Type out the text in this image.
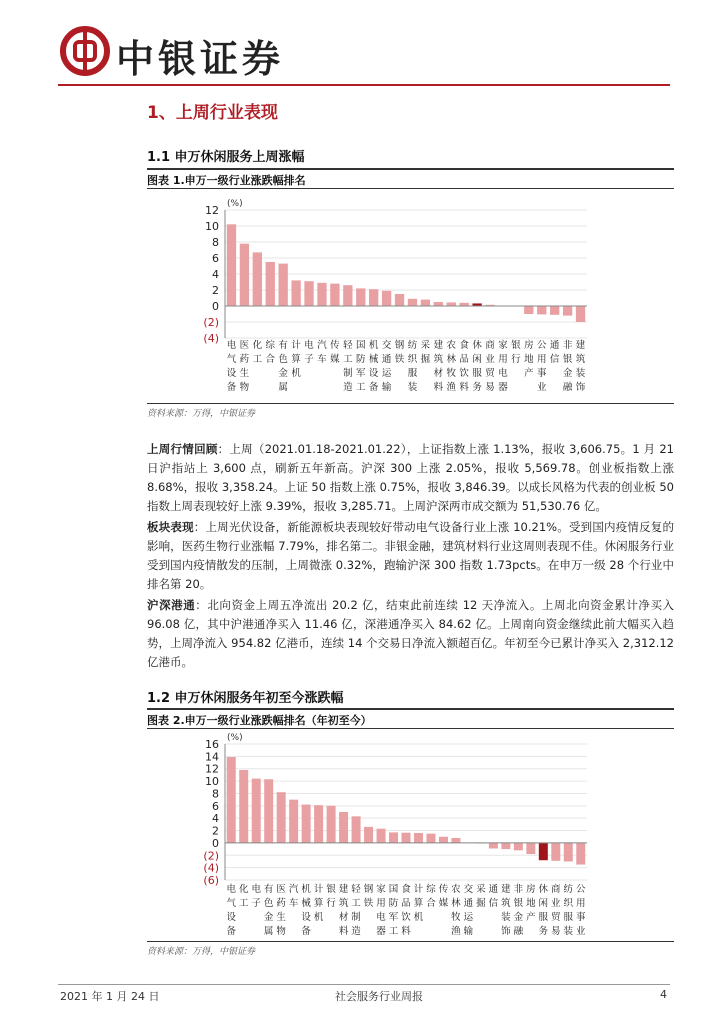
中银证券
1、上周行业表现
1.1 申万休闲服务上周涨幅
图表 1.申万一级行业涨跌幅排名
(%)
12
10
8
6
4
2
0
(2)
(4)
电气设备
医药生物
化工
综合
有色金属
计算机
电子
汽车
传媒
轻工制造
国防军工
机械设备
交通运输
钢铁
纺织服装
采掘
建筑材料
农林牧渔
食品饮料
休闲服务
商业贸易
家用电器
银行
房地产
公用事业
通信
非银金融
建筑装饰
资料来源：万得，中银证券
上周行情回顾：上周（2021.01.18-2021.01.22），上证指数上涨 1.13%，报收 3,606.75。1 月 21 日沪指站上 3,600 点，刷新五年新高。沪深 300 上涨 2.05%，报收 5,569.78。创业板指数上涨 8.68%，报收 3,358.24。上证 50 指数上涨 0.75%，报收 3,846.39。以成长风格为代表的创业板 50 指数上周表现较好上涨 9.39%，报收 3,285.71。上周沪深两市成交额为 51,530.76 亿。
板块表现：上周光伏设备，新能源板块表现较好带动电气设备行业上涨 10.21%。受到国内疫情反复的影响，医药生物行业涨幅 7.79%，排名第二。非银金融，建筑材料行业这周则表现不佳。休闲服务行业受到国内疫情散发的压制，上周微涨 0.32%，跑输沪深 300 指数 1.73pcts。在申万一级 28 个行业中排名第 20。
沪深港通：北向资金上周五净流出 20.2 亿，结束此前连续 12 天净流入。上周北向资金累计净买入 96.08 亿，其中沪港通净买入 11.46 亿，深港通净买入 84.62 亿。上周南向资金继续此前大幅买入趋势，上周净流入 954.82 亿港币，连续 14 个交易日净流入额超百亿。年初至今已累计净买入 2,312.12 亿港币。
1.2 申万休闲服务年初至今涨跌幅
图表 2.申万一级行业涨跌幅排名（年初至今）
(%)
16
14
12
10
8
6
4
2
0
(2)
(4)
(6)
电气设备
化工
电子
有色金属
医药生物
汽车
机械设备
计算机
银行
建筑材料
轻工制造
钢铁
家用电器
国防军工
食品饮料
计算机
综合
传媒
农林牧渔
交通运输
采掘
通信
建筑装饰
非银金融
房地产
休闲服务
商业贸易
纺织服装
公用事业
资料来源：万得，中银证券
2021 年 1 月 24 日	社会服务行业周报	4
